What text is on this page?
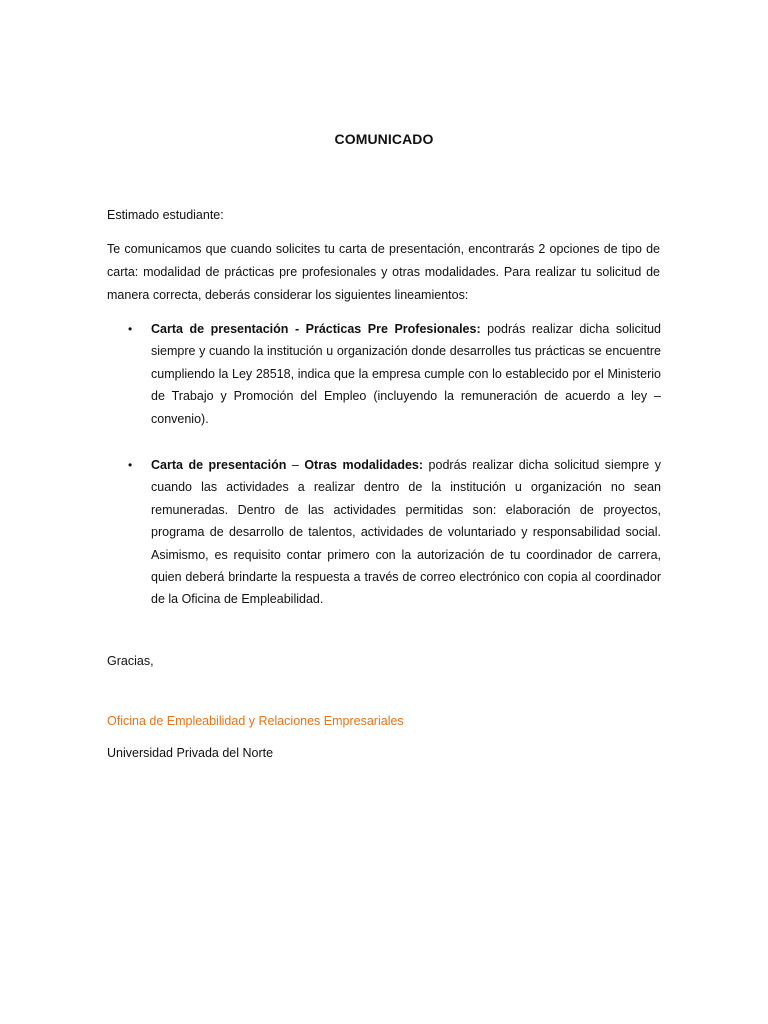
COMUNICADO
Estimado estudiante:

Te comunicamos que cuando solicites tu carta de presentación, encontrarás 2 opciones de tipo de carta: modalidad de prácticas pre profesionales y otras modalidades. Para realizar tu solicitud de manera correcta, deberás considerar los siguientes lineamientos:

• Carta de presentación - Prácticas Pre Profesionales: podrás realizar dicha solicitud siempre y cuando la institución u organización donde desarrolles tus prácticas se encuentre cumpliendo la Ley 28518, indica que la empresa cumple con lo establecido por el Ministerio de Trabajo y Promoción del Empleo (incluyendo la remuneración de acuerdo a ley – convenio).

• Carta de presentación – Otras modalidades: podrás realizar dicha solicitud siempre y cuando las actividades a realizar dentro de la institución u organización no sean remuneradas. Dentro de las actividades permitidas son: elaboración de proyectos, programa de desarrollo de talentos, actividades de voluntariado y responsabilidad social. Asimismo, es requisito contar primero con la autorización de tu coordinador de carrera, quien deberá brindarte la respuesta a través de correo electrónico con copia al coordinador de la Oficina de Empleabilidad.

Gracias,
Oficina de Empleabilidad y Relaciones Empresariales
Universidad Privada del Norte
